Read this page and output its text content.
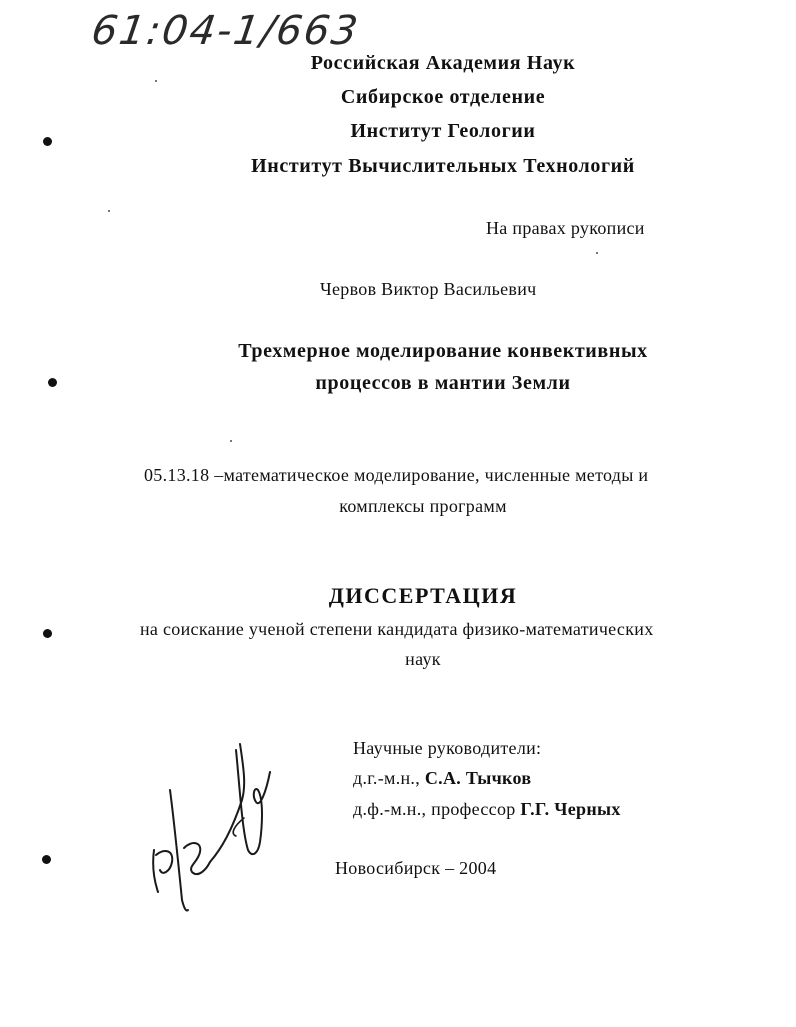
61:04-1/663
Российская Академия Наук
Сибирское отделение
Институт Геологии
Институт Вычислительных Технологий
На правах рукописи
Червов Виктор Васильевич
Трехмерное моделирование конвективных
процессов в мантии Земли
05.13.18 –математическое моделирование, численные методы и
комплексы программ
ДИССЕРТАЦИЯ
на соискание ученой степени кандидата физико-математических
наук
Научные руководители:
д.г.-м.н., С.А. Тычков
д.ф.-м.н., профессор Г.Г. Черных
Новосибирск – 2004
